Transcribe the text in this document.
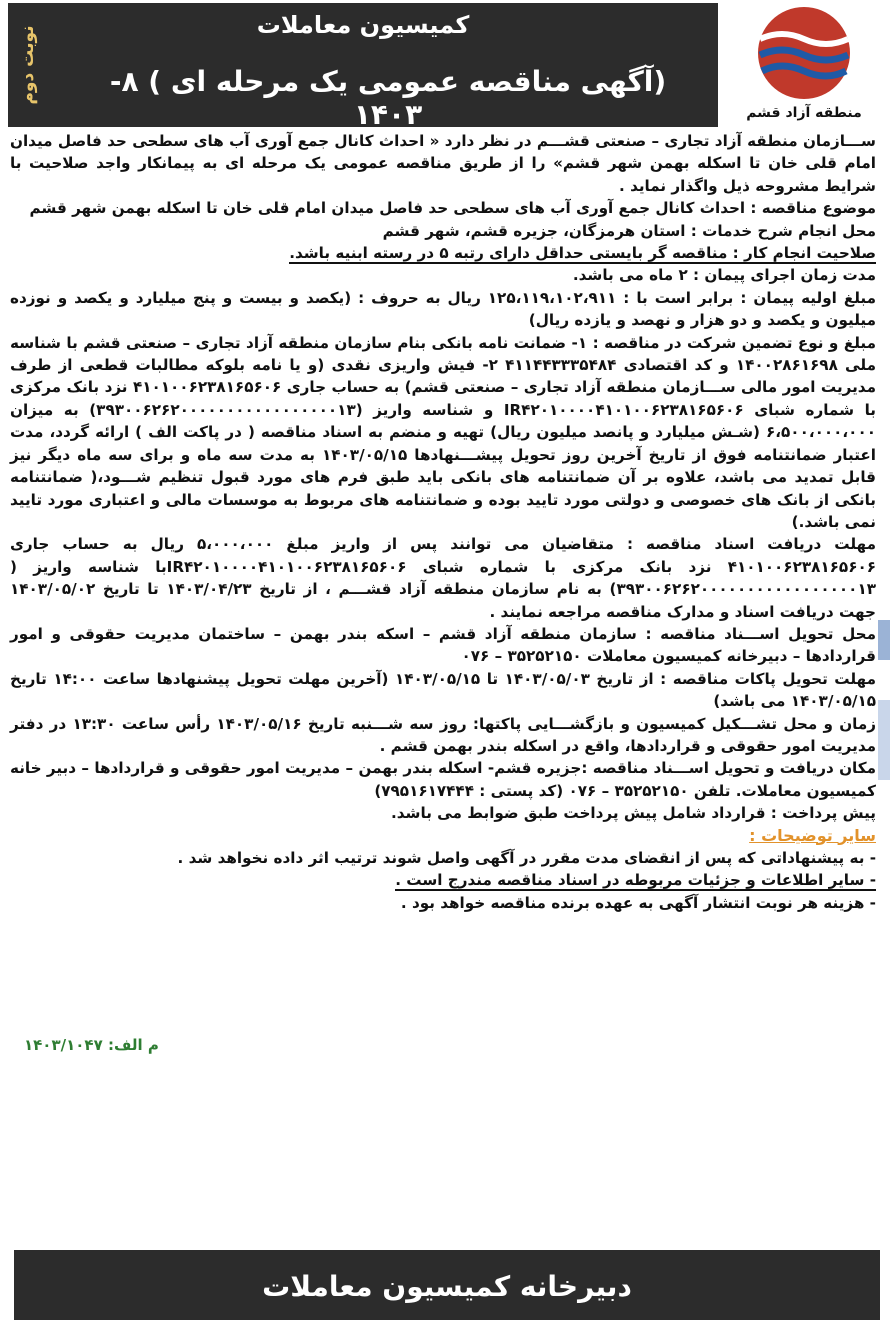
نوبت دوم
کمیسیون معاملات
(آگهی مناقصه عمومی یک مرحله ای ) ۸- ۱۴۰۳	منطقه آزاد قشم

ســـازمان منطقه آزاد تجاری – صنعتی قشـــم در نظر دارد « احداث کانال جمع آوری آب های سطحی حد فاصل میدان امام قلی خان تا اسکله بهمن شهر قشم» را از طریق مناقصه عمومی یک مرحله ای به پیمانکار واجد صلاحیت با شرایط مشروحه ذیل واگذار نماید .

موضوع مناقصه : احداث کانال جمع آوری آب های سطحی حد فاصل میدان امام قلی خان تا اسکله بهمن شهر قشم

محل انجام شرح خدمات : استان هرمزگان، جزیره قشم، شهر قشم

صلاحیت انجام کار : مناقصه گر بایستی حداقل دارای رتبه ۵ در رسته ابنیه باشد.

مدت زمان اجرای پیمان : ۲ ماه می باشد.

مبلغ اولیه پیمان : برابر است با : ۱۲۵،۱۱۹،۱۰۲،۹۱۱ ریال به حروف : (یکصد و بیست و پنج میلیارد و یکصد و نوزده میلیون و یکصد و دو هزار و نهصد و یازده ریال)

مبلغ و نوع تضمین شرکت در مناقصه : ۱- ضمانت نامه بانکی بنام سازمان منطقه آزاد تجاری – صنعتی قشم با شناسه ملی ۱۴۰۰۲۸۶۱۶۹۸ و کد اقتصادی ۴۱۱۴۴۳۳۳۵۴۸۴ ۲- فیش واریزی نقدی (و یا نامه بلوکه مطالبات قطعی از طرف مدیریت امور مالی ســـازمان منطقه آزاد تجاری – صنعتی قشم) به حساب جاری ۴۱۰۱۰۰۶۲۳۸۱۶۵۶۰۶ نزد بانک مرکزی با شماره شبای IR۴۲۰۱۰۰۰۰۴۱۰۱۰۰۶۲۳۸۱۶۵۶۰۶ و شناسه واریز (۳۹۳۰۰۶۲۶۲۰۰۰۰۰۰۰۰۰۰۰۰۰۰۰۰۰۱۳) به میزان ۶،۵۰۰،۰۰۰،۰۰۰ (شـش میلیارد و پانصد میلیون ریال) تهیه و منضم به اسناد مناقصه ( در پاکت الف ) ارائه گردد، مدت اعتبار ضمانتنامه فوق از تاریخ آخرین روز تحویل پیشـــنهادها ۱۴۰۳/۰۵/۱۵ به مدت سه ماه و برای سه ماه دیگر نیز قابل تمدید می باشد، علاوه بر آن ضمانتنامه های بانکی باید طبق فرم های مورد قبول تنظیم شـــود،( ضمانتنامه بانکی از بانک های خصوصی و دولتی مورد تایید بوده و ضمانتنامه های مربوط به موسسات مالی و اعتباری مورد تایید نمی باشد.)

مهلت دریافت اسناد مناقصه : متقاضیان می توانند پس از واریز مبلغ ۵،۰۰۰،۰۰۰ ریال به حساب جاری ۴۱۰۱۰۰۶۲۳۸۱۶۵۶۰۶ نزد بانک مرکزی با شماره شبای IR۴۲۰۱۰۰۰۰۴۱۰۱۰۰۶۲۳۸۱۶۵۶۰۶با شناسه واریز ( ۳۹۳۰۰۶۲۶۲۰۰۰۰۰۰۰۰۰۰۰۰۰۰۰۰۰۱۳) به نام سازمان منطقه آزاد قشـــم ، از تاریخ ۱۴۰۳/۰۴/۲۳ تا تاریخ ۱۴۰۳/۰۵/۰۲ جهت دریافت اسناد و مدارک مناقصه مراجعه نمایند .

محل تحویل اســـناد مناقصه : سازمان منطقه آزاد قشم – اسکه بندر بهمن – ساختمان مدیریت حقوقی و امور قراردادها – دبیرخانه کمیسیون معاملات ۳۵۲۵۲۱۵۰ – ۰۷۶

مهلت تحویل پاکات مناقصه : از تاریخ ۱۴۰۳/۰۵/۰۳ تا ۱۴۰۳/۰۵/۱۵ (آخرین مهلت تحویل پیشنهادها ساعت ۱۴:۰۰ تاریخ ۱۴۰۳/۰۵/۱۵ می باشد)

زمان و محل تشـــکیل کمیسیون و بازگشـــایی پاکتها: روز سه شـــنبه تاریخ ۱۴۰۳/۰۵/۱۶ رأس ساعت ۱۳:۳۰ در دفتر مدیریت امور حقوقی و قراردادها، واقع در اسکله بندر بهمن قشم .

مکان دریافت و تحویل اســـناد مناقصه :جزیره قشم- اسکله بندر بهمن – مدیریت امور حقوقی و قراردادها – دبیر خانه کمیسیون معاملات. تلفن ۳۵۲۵۲۱۵۰ – ۰۷۶ (کد پستی : ۷۹۵۱۶۱۷۴۴۴)

پیش پرداخت : قرارداد شامل پیش پرداخت طبق ضوابط می باشد.

سایر توضیحات :

- به پیشنهاداتی که پس از انقضای مدت مقرر در آگهی واصل شوند ترتیب اثر داده نخواهد شد .

- سایر اطلاعات و جزئیات مربوطه در اسناد مناقصه مندرج است .

- هزینه هر نوبت انتشار آگهی به عهده برنده مناقصه خواهد بود .

م الف: ۱۴۰۳/۱۰۴۷
دبیرخانه کمیسیون معاملات
